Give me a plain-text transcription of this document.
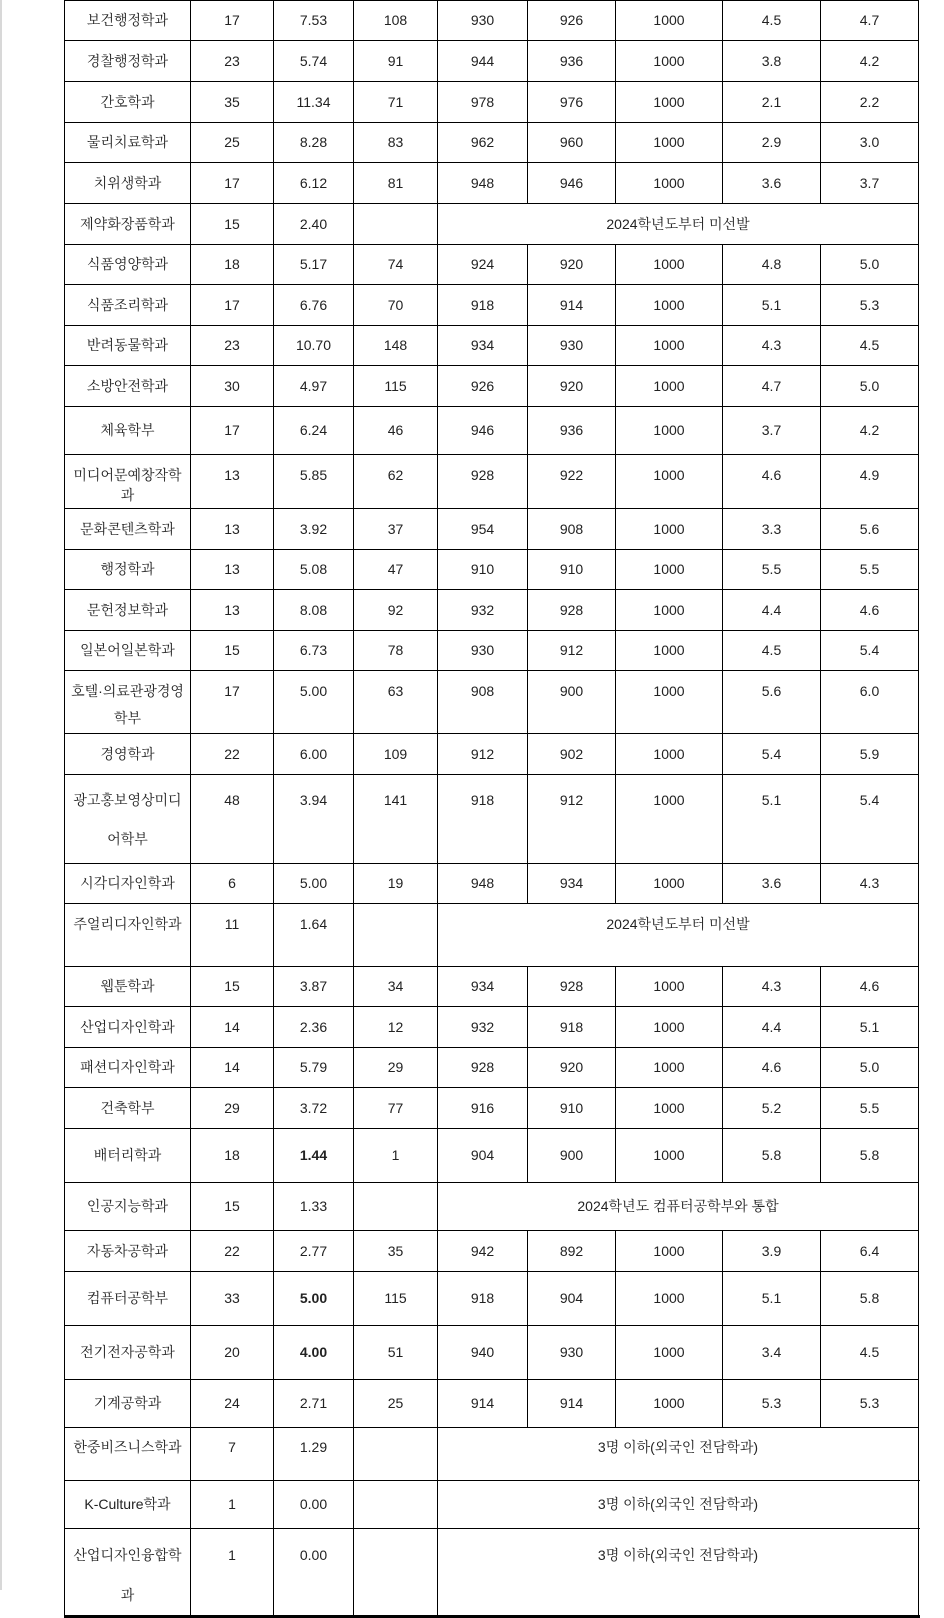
보건행정학과	17	7.53	108	930	926	1000	4.5	4.7
경찰행정학과	23	5.74	91	944	936	1000	3.8	4.2
간호학과	35	11.34	71	978	976	1000	2.1	2.2
물리치료학과	25	8.28	83	962	960	1000	2.9	3.0
치위생학과	17	6.12	81	948	946	1000	3.6	3.7
제약화장품학과	15	2.40		2024학년도부터 미선발				
식품영양학과	18	5.17	74	924	920	1000	4.8	5.0
식품조리학과	17	6.76	70	918	914	1000	5.1	5.3
반려동물학과	23	10.70	148	934	930	1000	4.3	4.5
소방안전학과	30	4.97	115	926	920	1000	4.7	5.0
체육학부	17	6.24	46	946	936	1000	3.7	4.2
미디어문예창작학과	13	5.85	62	928	922	1000	4.6	4.9
문화콘텐츠학과	13	3.92	37	954	908	1000	3.3	5.6
행정학과	13	5.08	47	910	910	1000	5.5	5.5
문헌정보학과	13	8.08	92	932	928	1000	4.4	4.6
일본어일본학과	15	6.73	78	930	912	1000	4.5	5.4
호텔·의료관광경영학부	17	5.00	63	908	900	1000	5.6	6.0
경영학과	22	6.00	109	912	902	1000	5.4	5.9
광고홍보영상미디어학부	48	3.94	141	918	912	1000	5.1	5.4
시각디자인학과	6	5.00	19	948	934	1000	3.6	4.3
주얼리디자인학과	11	1.64		2024학년도부터 미선발				
웹툰학과	15	3.87	34	934	928	1000	4.3	4.6
산업디자인학과	14	2.36	12	932	918	1000	4.4	5.1
패션디자인학과	14	5.79	29	928	920	1000	4.6	5.0
건축학부	29	3.72	77	916	910	1000	5.2	5.5
배터리학과	18	1.44	1	904	900	1000	5.8	5.8
인공지능학과	15	1.33		2024학년도 컴퓨터공학부와 통합				
자동차공학과	22	2.77	35	942	892	1000	3.9	6.4
컴퓨터공학부	33	5.00	115	918	904	1000	5.1	5.8
전기전자공학과	20	4.00	51	940	930	1000	3.4	4.5
기계공학과	24	2.71	25	914	914	1000	5.3	5.3
한중비즈니스학과	7	1.29		3명 이하(외국인 전담학과)				
K-Culture학과	1	0.00		3명 이하(외국인 전담학과)				
산업디자인융합학과	1	0.00		3명 이하(외국인 전담학과)				
